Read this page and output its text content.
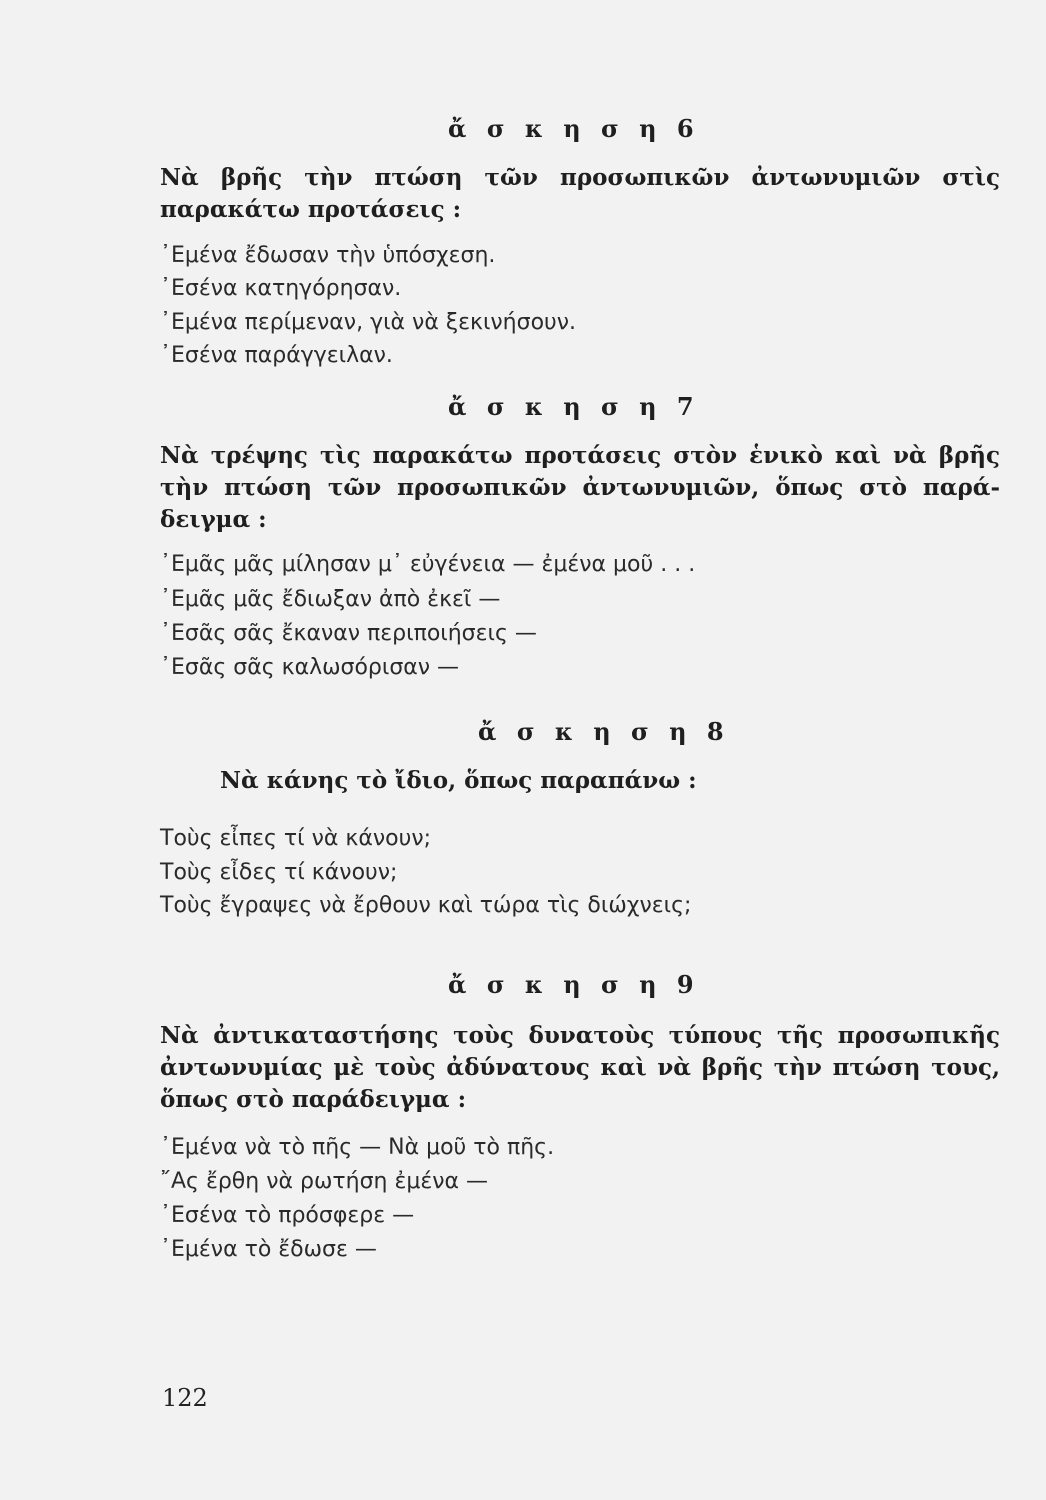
ἄ σ κ η σ η 6
Νὰ βρῆς τὴν πτώση τῶν προσωπικῶν ἀντωνυμιῶν στὶς παρακάτω προτάσεις :
᾿Εμένα ἔδωσαν τὴν ὑπόσχεση.
᾿Εσένα κατηγόρησαν.
᾿Εμένα περίμεναν, γιὰ νὰ ξεκινήσουν.
᾿Εσένα παράγγειλαν.
ἄ σ κ η σ η 7
Νὰ τρέψης τὶς παρακάτω προτάσεις στὸν ἑνικὸ καὶ νὰ βρῆς τὴν πτώση τῶν προσωπικῶν ἀντωνυμιῶν, ὅπως στὸ παρά-δειγμα :
᾿Εμᾶς μᾶς μίλησαν μ᾿ εὐγένεια — ἐμένα μοῦ . . .
᾿Εμᾶς μᾶς ἔδιωξαν ἀπὸ ἐκεῖ —
᾿Εσᾶς σᾶς ἔκαναν περιποιήσεις —
᾿Εσᾶς σᾶς καλωσόρισαν —
ἄ σ κ η σ η 8
Νὰ κάνης τὸ ἴδιο, ὅπως παραπάνω :
Τοὺς εἶπες τί νὰ κάνουν;
Τοὺς εἶδες τί κάνουν;
Τοὺς ἔγραψες νὰ ἔρθουν καὶ τώρα τὶς διώχνεις;
ἄ σ κ η σ η 9
Νὰ ἀντικαταστήσης τοὺς δυνατοὺς τύπους τῆς προσωπικῆς ἀντωνυμίας μὲ τοὺς ἀδύνατους καὶ νὰ βρῆς τὴν πτώση τους, ὅπως στὸ παράδειγμα :
᾿Εμένα νὰ τὸ πῆς — Νὰ μοῦ τὸ πῆς.
῎Ας ἔρθη νὰ ρωτήση ἐμένα —
᾿Εσένα τὸ πρόσφερε —
᾿Εμένα τὸ ἔδωσε —
122
